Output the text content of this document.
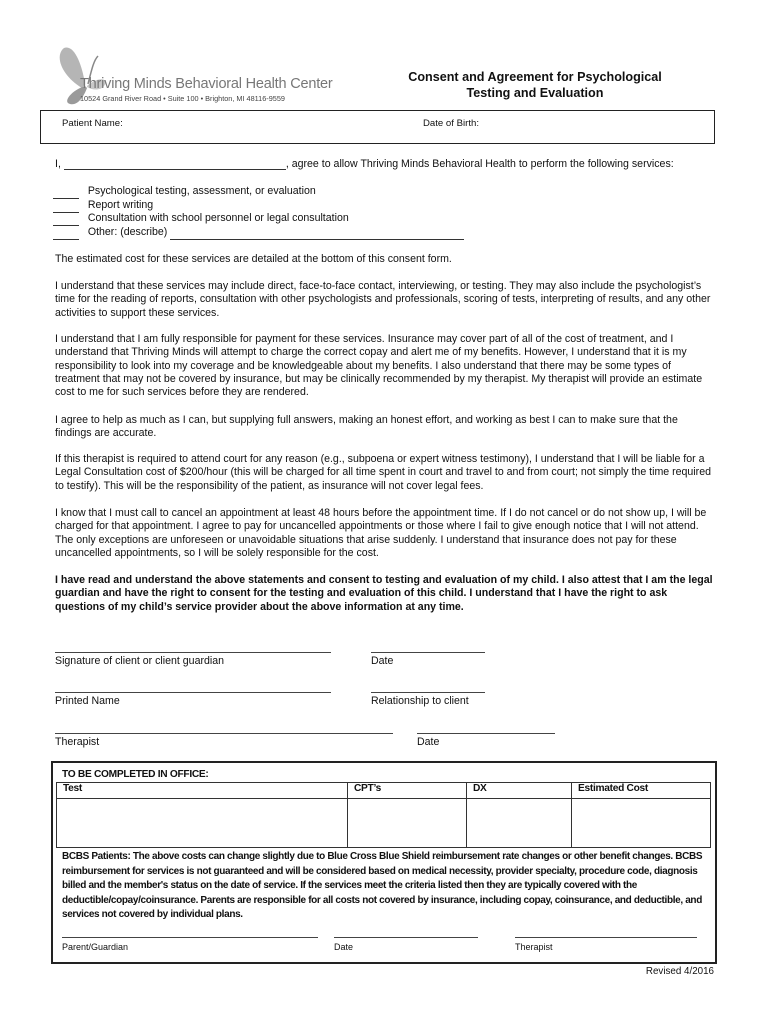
Thriving Minds Behavioral Health Center
10524 Grand River Road • Suite 100 • Brighton, MI 48116-9559
Consent and Agreement for Psychological
Testing and Evaluation
Patient Name:	Date of Birth:
I,	, agree to allow Thriving Minds Behavioral Health to perform the following services:
Psychological testing, assessment, or evaluation
Report writing
Consultation with school personnel or legal consultation
Other: (describe)

The estimated cost for these services are detailed at the bottom of this consent form.

I understand that these services may include direct, face-to-face contact, interviewing, or testing. They may also include the psychologist’s time for the reading of reports, consultation with other psychologists and professionals, scoring of tests, interpreting of results, and any other activities to support these services.

I understand that I am fully responsible for payment for these services. Insurance may cover part of all of the cost of treatment, and I understand that Thriving Minds will attempt to charge the correct copay and alert me of my benefits. However, I understand that it is my responsibility to look into my coverage and be knowledgeable about my benefits. I also understand that there may be some types of treatment that may not be covered by insurance, but may be clinically recommended by my therapist. My therapist will provide an estimate cost to me for such services before they are rendered.

I agree to help as much as I can, but supplying full answers, making an honest effort, and working as best I can to make sure that the findings are accurate.

If this therapist is required to attend court for any reason (e.g., subpoena or expert witness testimony), I understand that I will be liable for a Legal Consultation cost of $200/hour (this will be charged for all time spent in court and travel to and from court; not simply the time required to testify). This will be the responsibility of the patient, as insurance will not cover legal fees.

I know that I must call to cancel an appointment at least 48 hours before the appointment time. If I do not cancel or do not show up, I will be charged for that appointment. I agree to pay for uncancelled appointments or those where I fail to give enough notice that I will not attend. The only exceptions are unforeseen or unavoidable situations that arise suddenly. I understand that insurance does not pay for these uncancelled appointments, so I will be solely responsible for the cost.

I have read and understand the above statements and consent to testing and evaluation of my child. I also attest that I am the legal guardian and have the right to consent for the testing and evaluation of this child. I understand that I have the right to ask questions of my child’s service provider about the above information at any time.

Signature of client or client guardian	Date
Printed Name	Relationship to client
Therapist	Date
TO BE COMPLETED IN OFFICE:
Test	CPT’s	DX	Estimated Cost

BCBS Patients: The above costs can change slightly due to Blue Cross Blue Shield reimbursement rate changes or other benefit changes. BCBS reimbursement for services is not guaranteed and will be considered based on medical necessity, provider specialty, procedure code, diagnosis billed and the member's status on the date of service. If the services meet the criteria listed then they are typically covered with the deductible/copay/coinsurance. Parents are responsible for all costs not covered by insurance, including copay, coinsurance, and deductible, and services not covered by individual plans.
Parent/Guardian	Date	Therapist
Revised 4/2016
